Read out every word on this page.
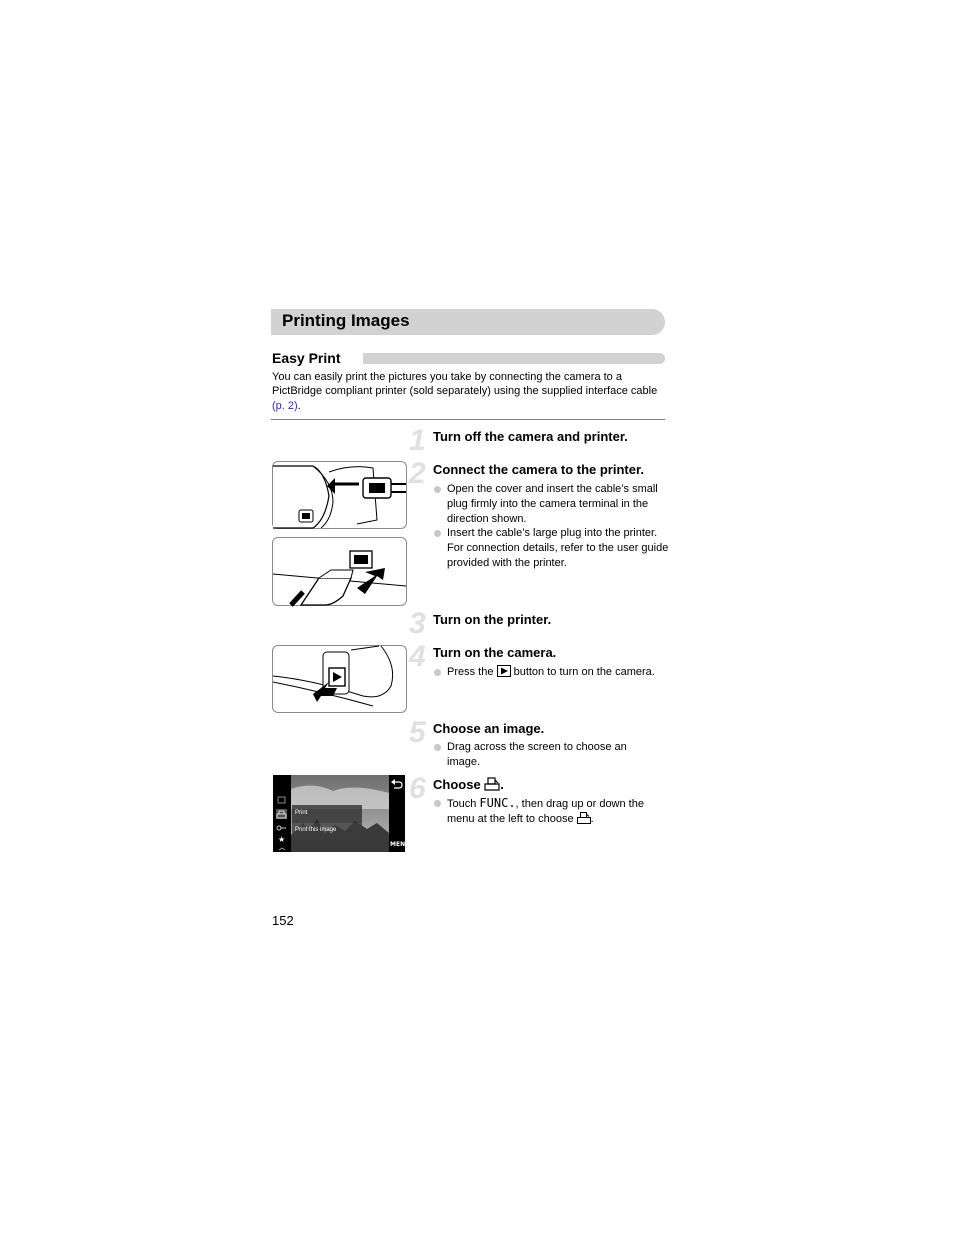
Printing Images
Easy Print
You can easily print the pictures you take by connecting the camera to a PictBridge compliant printer (sold separately) using the supplied interface cable (p. 2).
1 Turn off the camera and printer.
2 Connect the camera to the printer.
Open the cover and insert the cable’s small plug firmly into the camera terminal in the direction shown.
Insert the cable’s large plug into the printer. For connection details, refer to the user guide provided with the printer.
3 Turn on the printer.
4 Turn on the camera.
Press the  button to turn on the camera.
5 Choose an image.
Drag across the screen to choose an image.
6 Choose .
Touch FUNC., then drag up or down the menu at the left to choose .
Print
Print this image
★
MENU
152
